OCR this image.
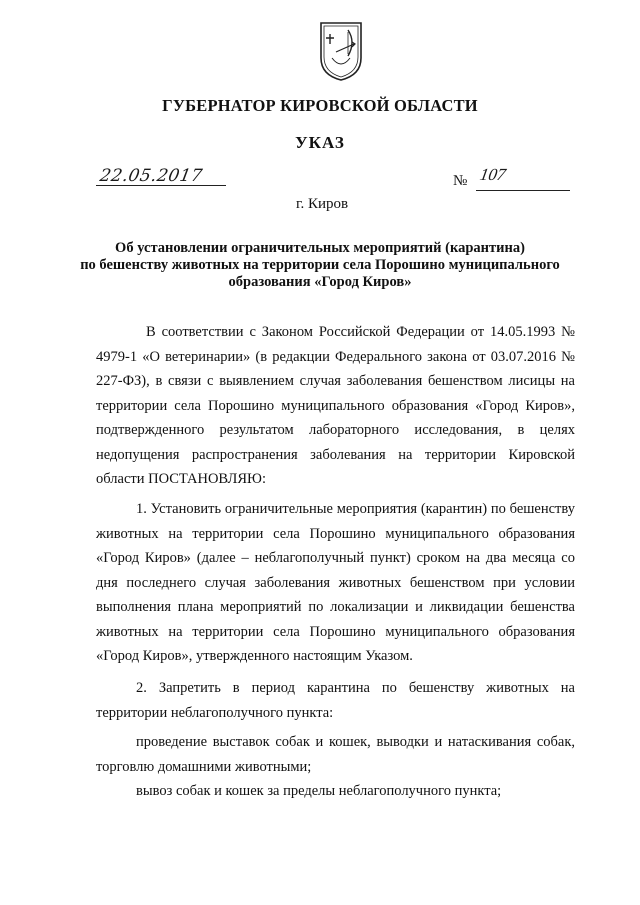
ГУБЕРНАТОР КИРОВСКОЙ ОБЛАСТИ
УКАЗ
22.05.2017	№ 107
г. Киров
Об установлении ограничительных мероприятий (карантина)
по бешенству животных на территории села Порошино муниципального
образования «Город Киров»
В соответствии с Законом Российской Федерации от 14.05.1993 № 4979-1 «О ветеринарии» (в редакции Федерального закона от 03.07.2016 № 227-ФЗ), в связи с выявлением случая заболевания бешенством лисицы на территории села Порошино муниципального образования «Город Киров», подтвержденного результатом лабораторного исследования, в целях недопущения распространения заболевания на территории Кировской области ПОСТАНОВЛЯЮ:
1. Установить ограничительные мероприятия (карантин) по бешенству животных на территории села Порошино муниципального образования «Город Киров» (далее – неблагополучный пункт) сроком на два месяца со дня последнего случая заболевания животных бешенством при условии выполнения плана мероприятий по локализации и ликвидации бешенства животных на территории села Порошино муниципального образования «Город Киров», утвержденного настоящим Указом.
2. Запретить в период карантина по бешенству животных на территории неблагополучного пункта:
проведение выставок собак и кошек, выводки и натаскивания собак, торговлю домашними животными;
вывоз собак и кошек за пределы неблагополучного пункта;
